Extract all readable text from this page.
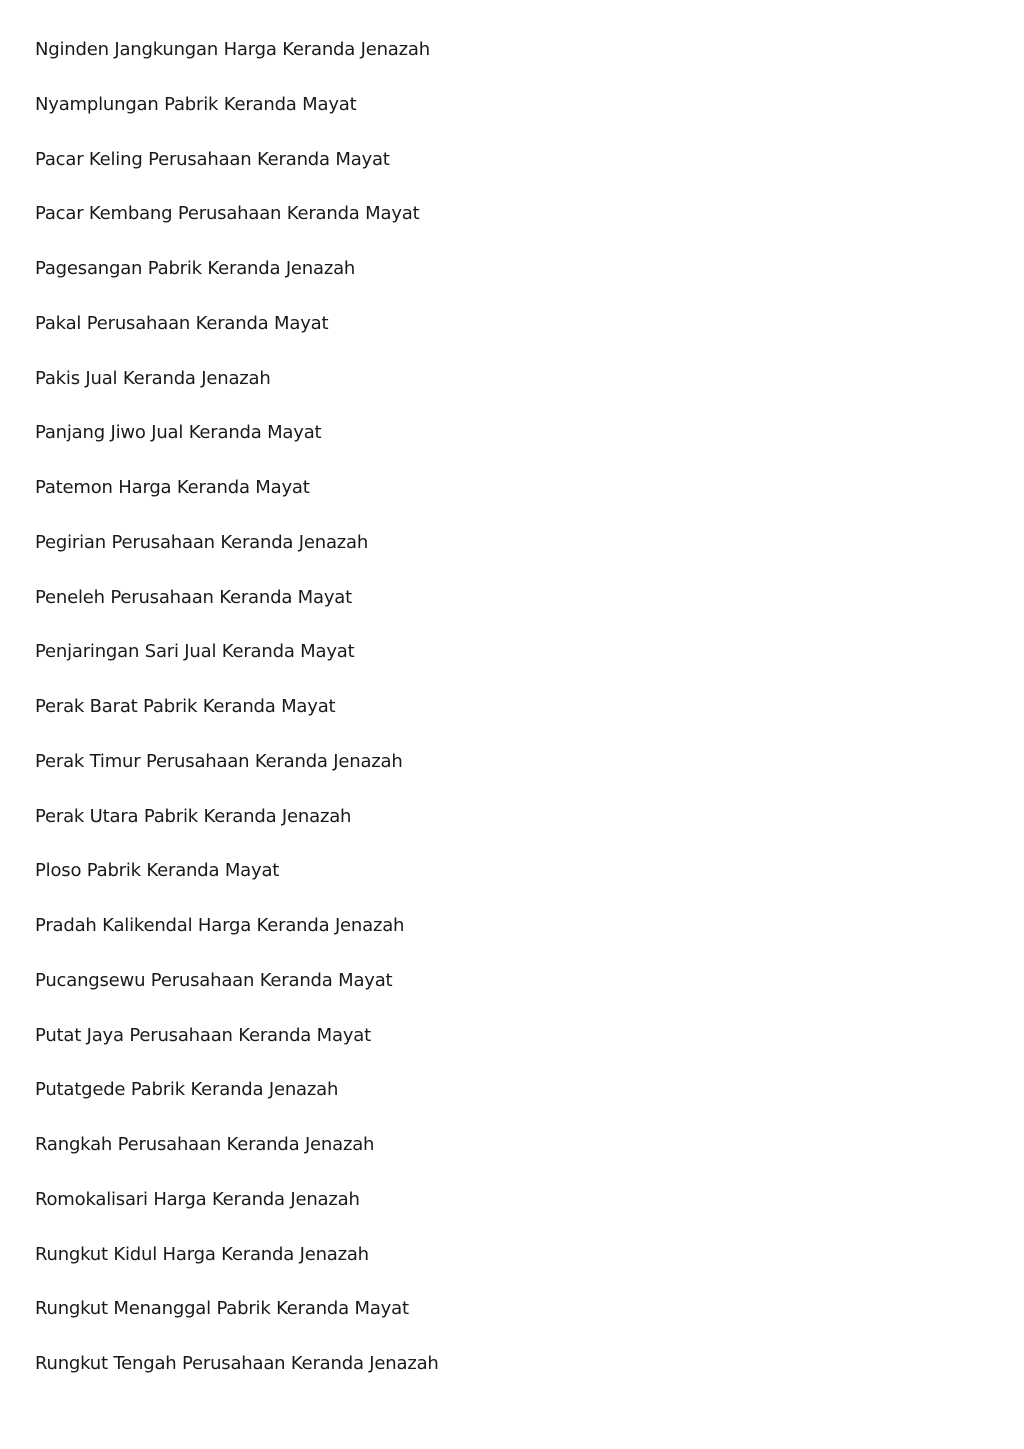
Nginden Jangkungan Harga Keranda Jenazah
Nyamplungan Pabrik Keranda Mayat
Pacar Keling Perusahaan Keranda Mayat
Pacar Kembang Perusahaan Keranda Mayat
Pagesangan Pabrik Keranda Jenazah
Pakal Perusahaan Keranda Mayat
Pakis Jual Keranda Jenazah
Panjang Jiwo Jual Keranda Mayat
Patemon Harga Keranda Mayat
Pegirian Perusahaan Keranda Jenazah
Peneleh Perusahaan Keranda Mayat
Penjaringan Sari Jual Keranda Mayat
Perak Barat Pabrik Keranda Mayat
Perak Timur Perusahaan Keranda Jenazah
Perak Utara Pabrik Keranda Jenazah
Ploso Pabrik Keranda Mayat
Pradah Kalikendal Harga Keranda Jenazah
Pucangsewu Perusahaan Keranda Mayat
Putat Jaya Perusahaan Keranda Mayat
Putatgede Pabrik Keranda Jenazah
Rangkah Perusahaan Keranda Jenazah
Romokalisari Harga Keranda Jenazah
Rungkut Kidul Harga Keranda Jenazah
Rungkut Menanggal Pabrik Keranda Mayat
Rungkut Tengah Perusahaan Keranda Jenazah
